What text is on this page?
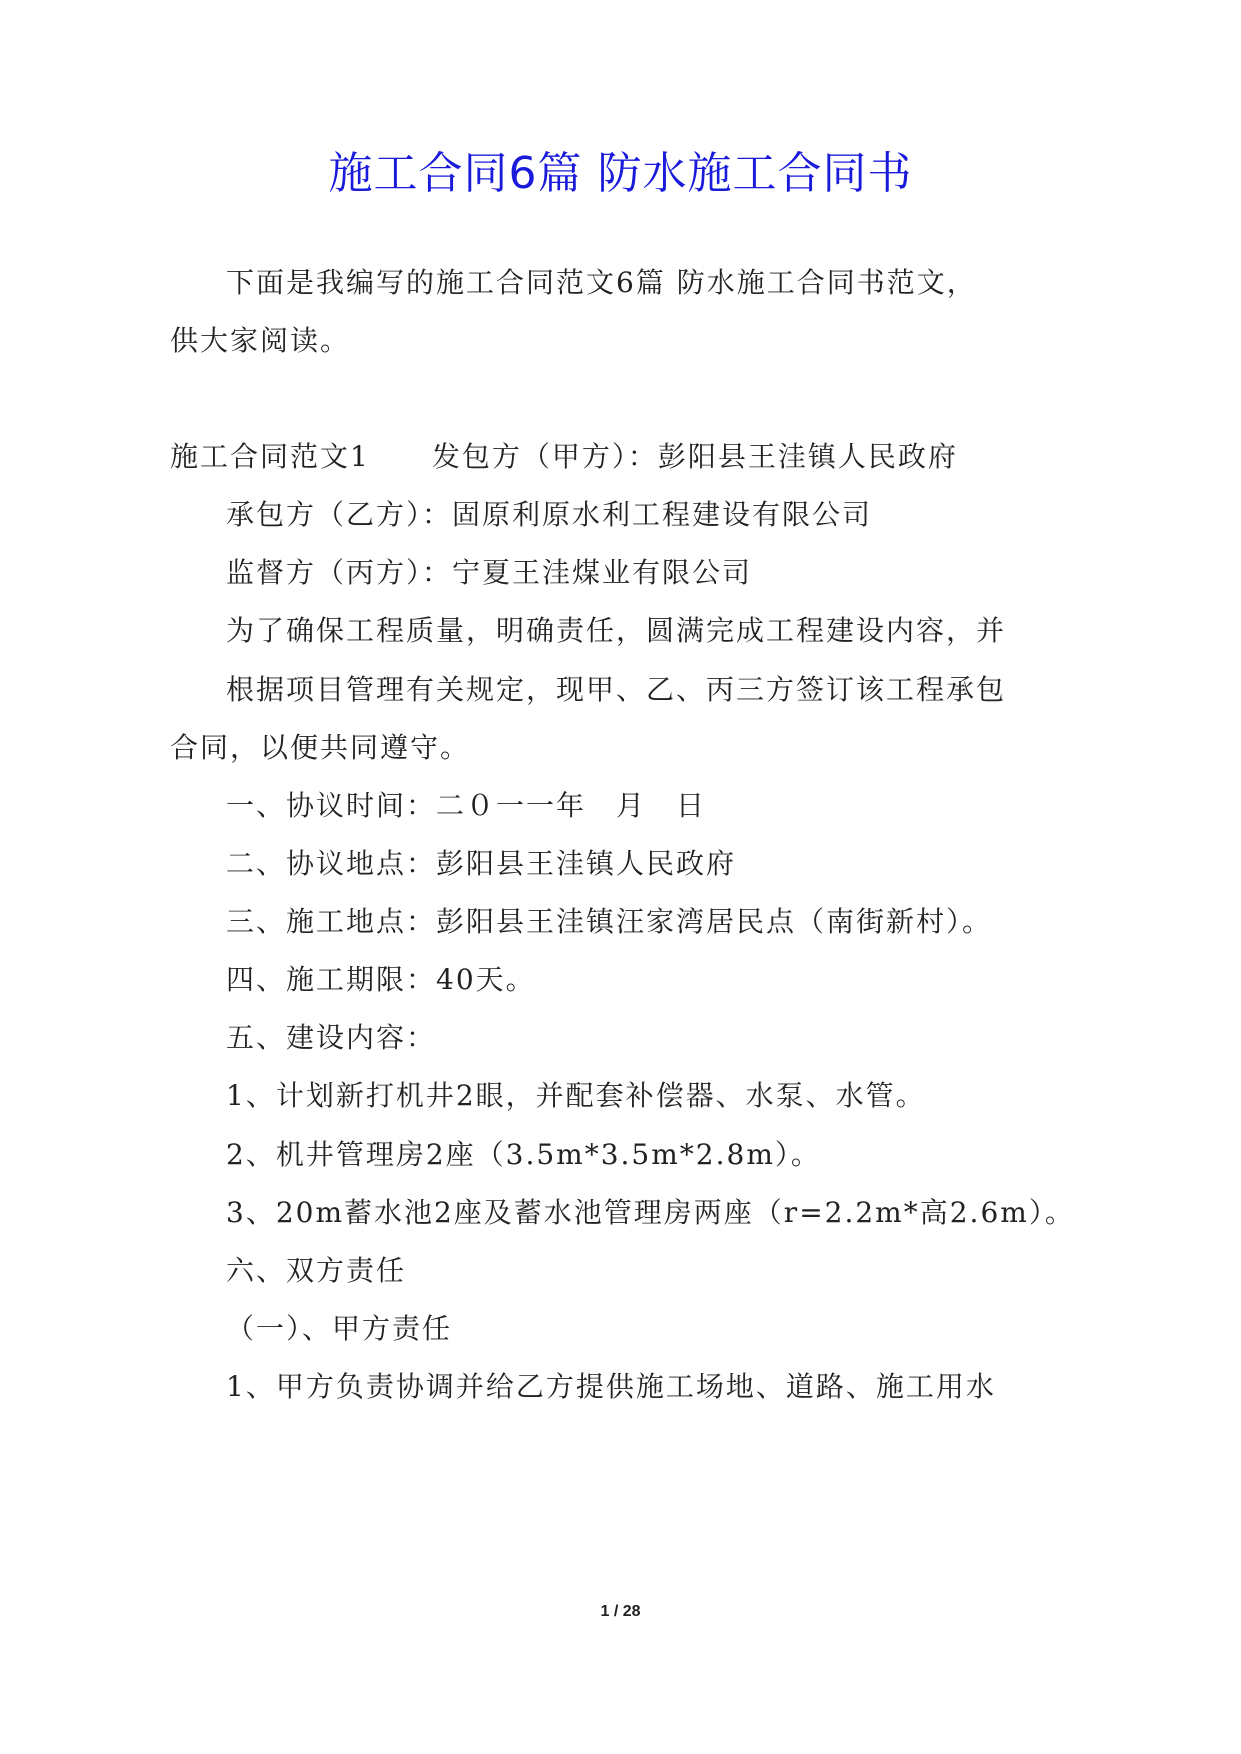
施工合同6篇 防水施工合同书

下面是我编写的施工合同范文6篇 防水施工合同书范文，

供大家阅读。

施工合同范文1 发包方（甲方）：彭阳县王洼镇人民政府

承包方（乙方）：固原利原水利工程建设有限公司

监督方（丙方）：宁夏王洼煤业有限公司

为了确保工程质量，明确责任，圆满完成工程建设内容，并

根据项目管理有关规定，现甲、乙、丙三方签订该工程承包

合同，以便共同遵守。

一、协议时间：二０一一年　月　日

二、协议地点：彭阳县王洼镇人民政府

三、施工地点：彭阳县王洼镇汪家湾居民点（南街新村）。

四、施工期限：40天。

五、建设内容：

1、计划新打机井2眼，并配套补偿器、水泵、水管。

2、机井管理房2座（3.5m*3.5m*2.8m）。

3、20m蓄水池2座及蓄水池管理房两座（r=2.2m*高2.6m）。

六、双方责任

（一）、甲方责任

1、甲方负责协调并给乙方提供施工场地、道路、施工用水

1 / 28
